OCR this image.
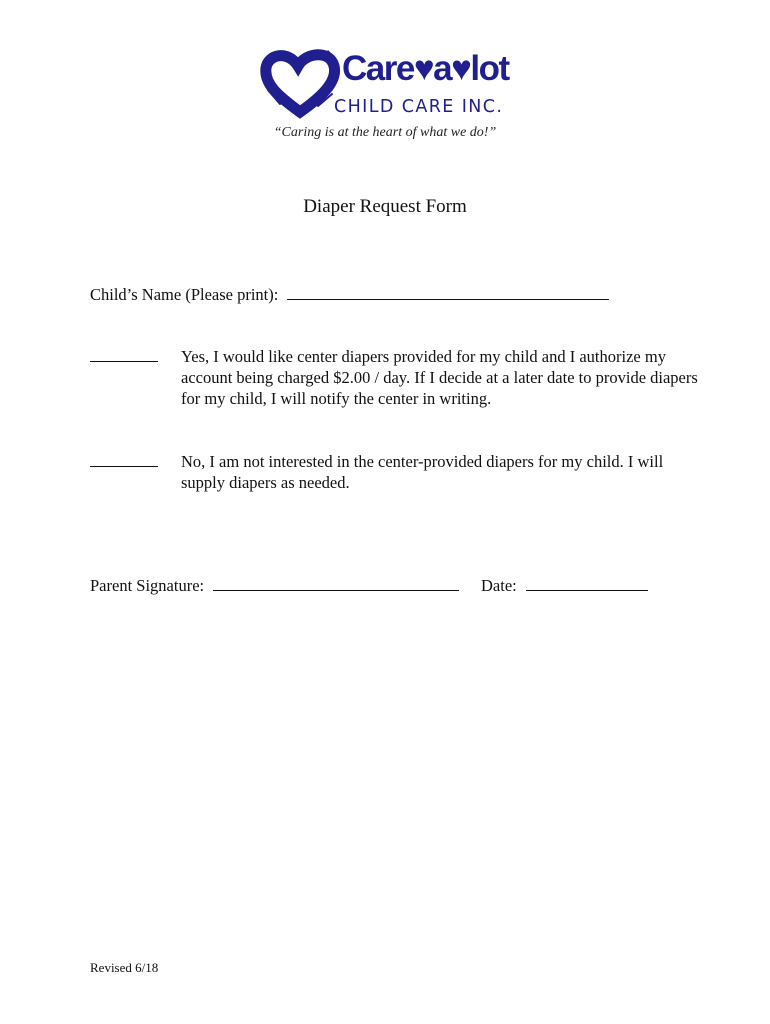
Care♥a♥lot
CHILD CARE INC.
“Caring is at the heart of what we do!”
Diaper Request Form
Child’s Name (Please print):
Yes, I would like center diapers provided for my child and I authorize my account being charged $2.00 / day. If I decide at a later date to provide diapers for my child, I will notify the center in writing.
No, I am not interested in the center-provided diapers for my child. I will supply diapers as needed.
Parent Signature:	Date:
Revised 6/18
